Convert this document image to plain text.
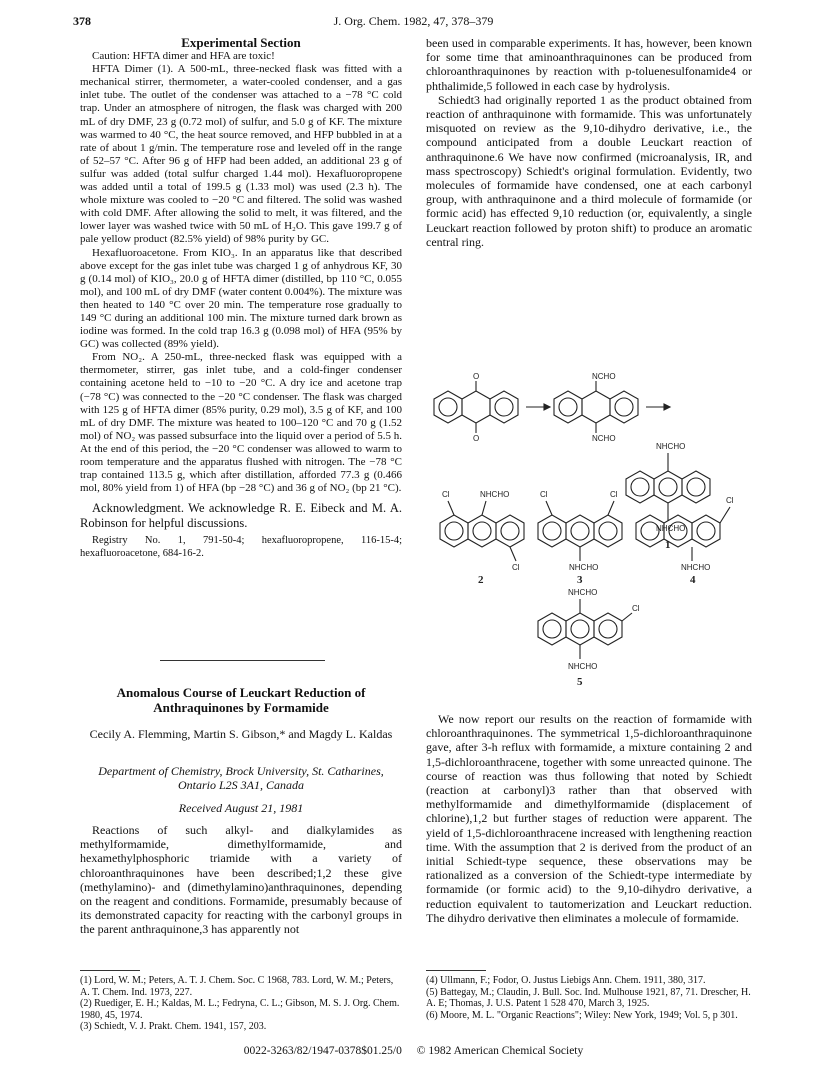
378	J. Org. Chem. 1982, 47, 378–379

Experimental Section

Caution: HFTA dimer and HFA are toxic!

HFTA Dimer (1). A 500-mL, three-necked flask was fitted with a mechanical stirrer, thermometer, a water-cooled condenser, and a gas inlet tube. The outlet of the condenser was attached to a −78 °C cold trap. Under an atmosphere of nitrogen, the flask was charged with 200 mL of dry DMF, 23 g (0.72 mol) of sulfur, and 5.0 g of KF. The mixture was warmed to 40 °C, the heat source removed, and HFP bubbled in at a rate of about 1 g/min. The temperature rose and leveled off in the range of 52–57 °C. After 96 g of HFP had been added, an additional 23 g of sulfur was added (total sulfur charged 1.44 mol). Hexafluoropropene was added until a total of 199.5 g (1.33 mol) was used (2.3 h). The whole mixture was cooled to −20 °C and filtered. The solid was washed with cold DMF. After allowing the solid to melt, it was filtered, and the lower layer was washed twice with 50 mL of H₂O. This gave 199.7 g of pale yellow product (82.5% yield) of 98% purity by GC.

Hexafluoroacetone. From KIO₃. In an apparatus like that described above except for the gas inlet tube was charged 1 g of anhydrous KF, 30 g (0.14 mol) of KIO₃, 20.0 g of HFTA dimer (distilled, bp 110 °C, 0.055 mol), and 100 mL of dry DMF (water content 0.004%). The mixture was then heated to 140 °C over 20 min. The temperature rose gradually to 149 °C during an additional 100 min. The mixture turned dark brown as iodine was formed. In the cold trap 16.3 g (0.098 mol) of HFA (95% by GC) was collected (89% yield).

From NO₂. A 250-mL, three-necked flask was equipped with a thermometer, stirrer, gas inlet tube, and a cold-finger condenser containing acetone held to −10 to −20 °C. A dry ice and acetone trap (−78 °C) was connected to the −20 °C condenser. The flask was charged with 125 g of HFTA dimer (85% purity, 0.29 mol), 3.5 g of KF, and 100 mL of dry DMF. The mixture was heated to 100–120 °C and 70 g (1.52 mol) of NO₂ was passed subsurface into the liquid over a period of 5.5 h. At the end of this period, the −20 °C condenser was allowed to warm to room temperature and the apparatus flushed with nitrogen. The −78 °C trap contained 113.5 g, which after distillation, afforded 77.3 g (0.466 mol, 80% yield from 1) of HFA (bp −28 °C) and 36 g of NO₂ (bp 21 °C).

Acknowledgment. We acknowledge R. E. Eibeck and M. A. Robinson for helpful discussions.

Registry No. 1, 791-50-4; hexafluoropropene, 116-15-4; hexafluoroacetone, 684-16-2.

Anomalous Course of Leuckart Reduction of Anthraquinones by Formamide
Cecily A. Flemming, Martin S. Gibson,* and Magdy L. Kaldas
Department of Chemistry, Brock University, St. Catharines, Ontario L2S 3A1, Canada
Received August 21, 1981

Reactions of such alkyl- and dialkylamides as methylformamide, dimethylformamide, and hexamethylphosphoric triamide with a variety of chloroanthraquinones have been described;1,2 these give (methylamino)- and (dimethylamino)anthraquinones, depending on the reagent and conditions. Formamide, presumably because of its demonstrated capacity for reacting with the carbonyl groups in the parent anthraquinone,3 has apparently not

been used in comparable experiments. It has, however, been known for some time that aminoanthraquinones can be produced from chloroanthraquinones by reaction with p-toluenesulfonamide4 or phthalimide,5 followed in each case by hydrolysis.

Schiedt3 had originally reported 1 as the product obtained from reaction of anthraquinone with formamide. This was unfortunately misquoted on review as the 9,10-dihydro derivative, i.e., the compound anticipated from a double Leuckart reaction of anthraquinone.6 We have now confirmed (microanalysis, IR, and mass spectroscopy) Schiedt's original formulation. Evidently, two molecules of formamide have condensed, one at each carbonyl group, with anthraquinone and a third molecule of formamide (or formic acid) has effected 9,10 reduction (or, equivalently, a single Leuckart reaction followed by proton shift) to produce an aromatic central ring.

O
O
NCHO
NCHO
NHCHO
NHCHO
1
Cl	NHCHO
Cl
2
Cl	Cl
NHCHO
3
Cl
NHCHO
4
NHCHO
Cl
NHCHO
5

We now report our results on the reaction of formamide with chloroanthraquinones. The symmetrical 1,5-dichloroanthraquinone gave, after 3-h reflux with formamide, a mixture containing 2 and 1,5-dichloroanthracene, together with some unreacted quinone. The course of reaction was thus following that noted by Schiedt (reaction at carbonyl)3 rather than that observed with methylformamide and dimethylformamide (displacement of chlorine),1,2 but further stages of reduction were apparent. The yield of 1,5-dichloroanthracene increased with lengthening reaction time. With the assumption that 2 is derived from the product of an initial Schiedt-type sequence, these observations may be rationalized as a conversion of the Schiedt-type intermediate by formamide (or formic acid) to the 9,10-dihydro derivative, a reduction equivalent to tautomerization and Leuckart reduction. The dihydro derivative then eliminates a molecule of formamide.

(1) Lord, W. M.; Peters, A. T. J. Chem. Soc. C 1968, 783. Lord, W. M.; Peters, A. T. Chem. Ind. 1973, 227.

(2) Ruediger, E. H.; Kaldas, M. L.; Fedryna, C. L.; Gibson, M. S. J. Org. Chem. 1980, 45, 1974.

(3) Schiedt, V. J. Prakt. Chem. 1941, 157, 203.

(4) Ullmann, F.; Fodor, O. Justus Liebigs Ann. Chem. 1911, 380, 317.

(5) Battegay, M.; Claudin, J. Bull. Soc. Ind. Mulhouse 1921, 87, 71. Drescher, H. A. E; Thomas, J. U.S. Patent 1 528 470, March 3, 1925.

(6) Moore, M. L. "Organic Reactions"; Wiley: New York, 1949; Vol. 5, p 301.

0022-3263/82/1947-0378$01.25/0 © 1982 American Chemical Society
